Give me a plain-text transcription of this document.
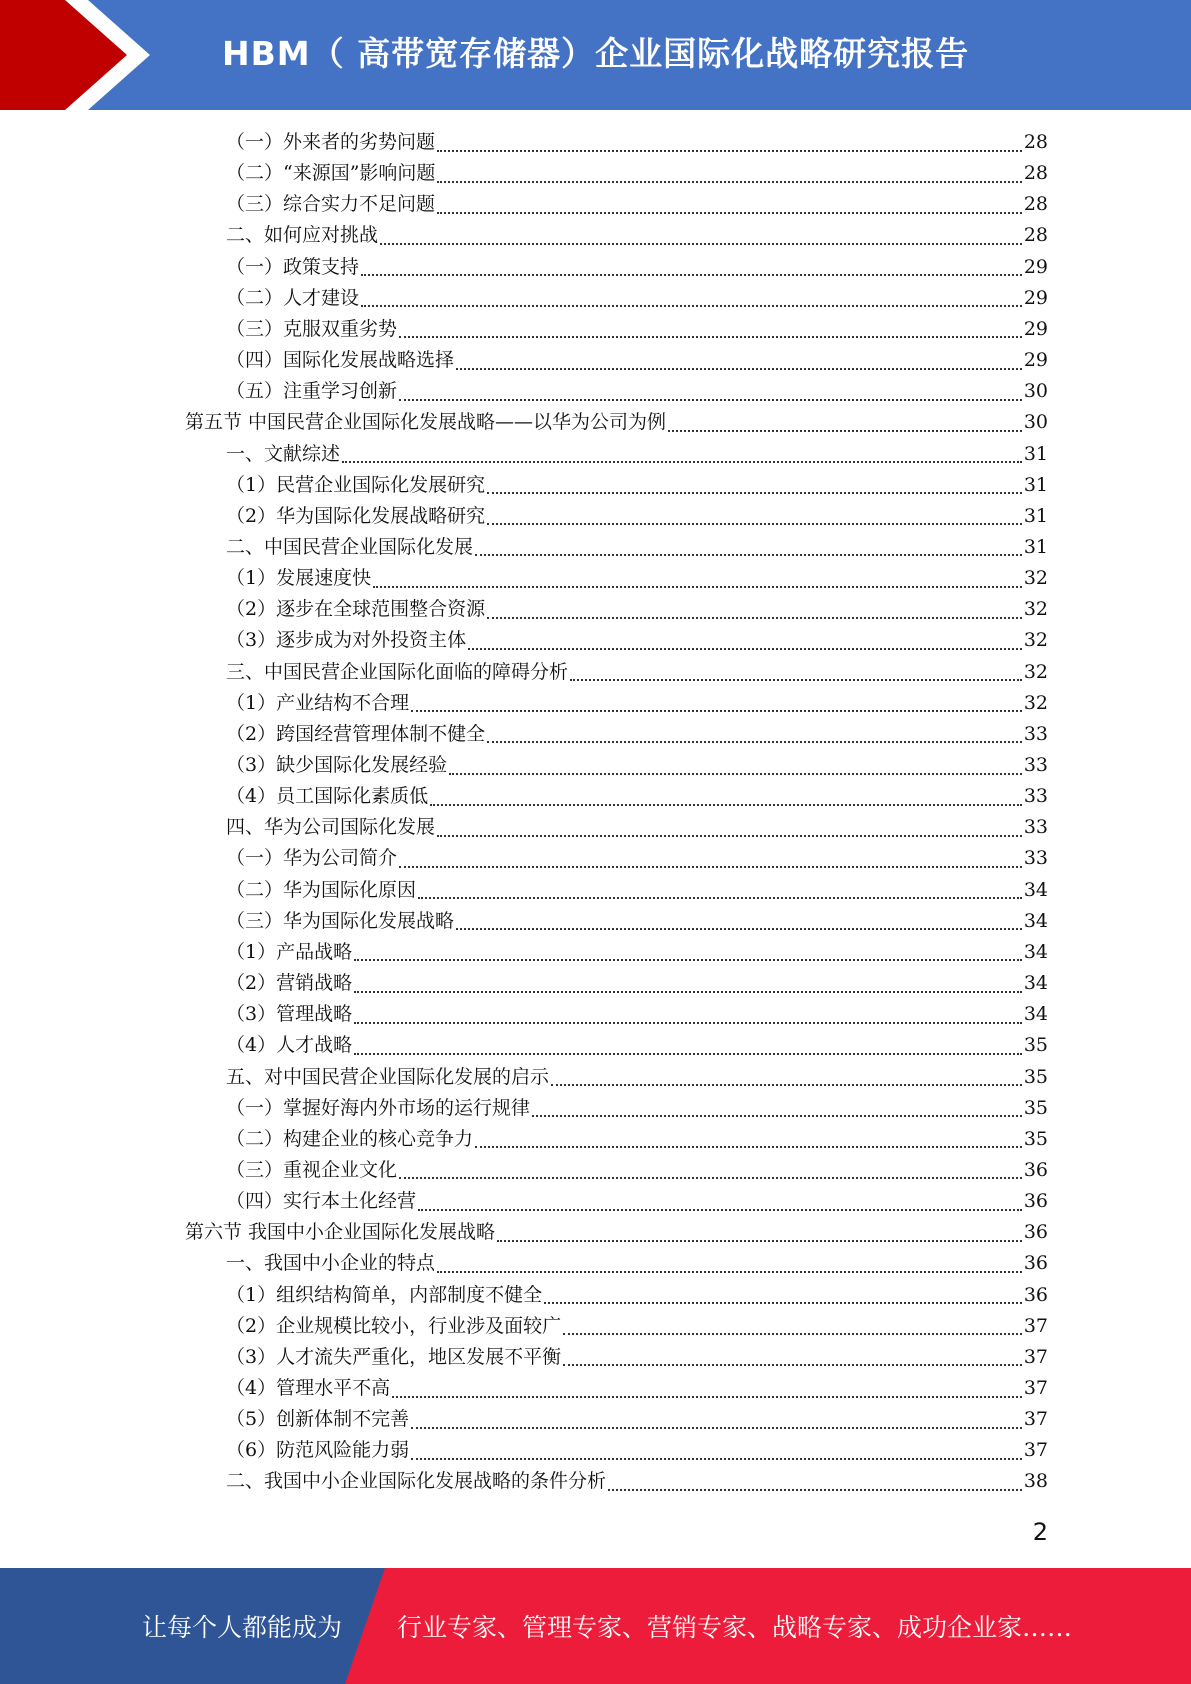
HBM（ 高带宽存储器）企业国际化战略研究报告
（一）外来者的劣势问题	28
（二）“来源国”影响问题	28
（三）综合实力不足问题	28
二、如何应对挑战	28
（一）政策支持	29
（二）人才建设	29
（三）克服双重劣势	29
（四）国际化发展战略选择	29
（五）注重学习创新	30
第五节 中国民营企业国际化发展战略——以华为公司为例	30
一、文献综述	31
（1）民营企业国际化发展研究	31
（2）华为国际化发展战略研究	31
二、中国民营企业国际化发展	31
（1）发展速度快	32
（2）逐步在全球范围整合资源	32
（3）逐步成为对外投资主体	32
三、中国民营企业国际化面临的障碍分析	32
（1）产业结构不合理	32
（2）跨国经营管理体制不健全	33
（3）缺少国际化发展经验	33
（4）员工国际化素质低	33
四、华为公司国际化发展	33
（一）华为公司简介	33
（二）华为国际化原因	34
（三）华为国际化发展战略	34
（1）产品战略	34
（2）营销战略	34
（3）管理战略	34
（4）人才战略	35
五、对中国民营企业国际化发展的启示	35
（一）掌握好海内外市场的运行规律	35
（二）构建企业的核心竞争力	35
（三）重视企业文化	36
（四）实行本土化经营	36
第六节 我国中小企业国际化发展战略	36
一、我国中小企业的特点	36
（1）组织结构简单，内部制度不健全	36
（2）企业规模比较小，行业涉及面较广	37
（3）人才流失严重化，地区发展不平衡	37
（4）管理水平不高	37
（5）创新体制不完善	37
（6）防范风险能力弱	37
二、我国中小企业国际化发展战略的条件分析	38
2
让每个人都能成为 行业专家、管理专家、营销专家、战略专家、成功企业家……
